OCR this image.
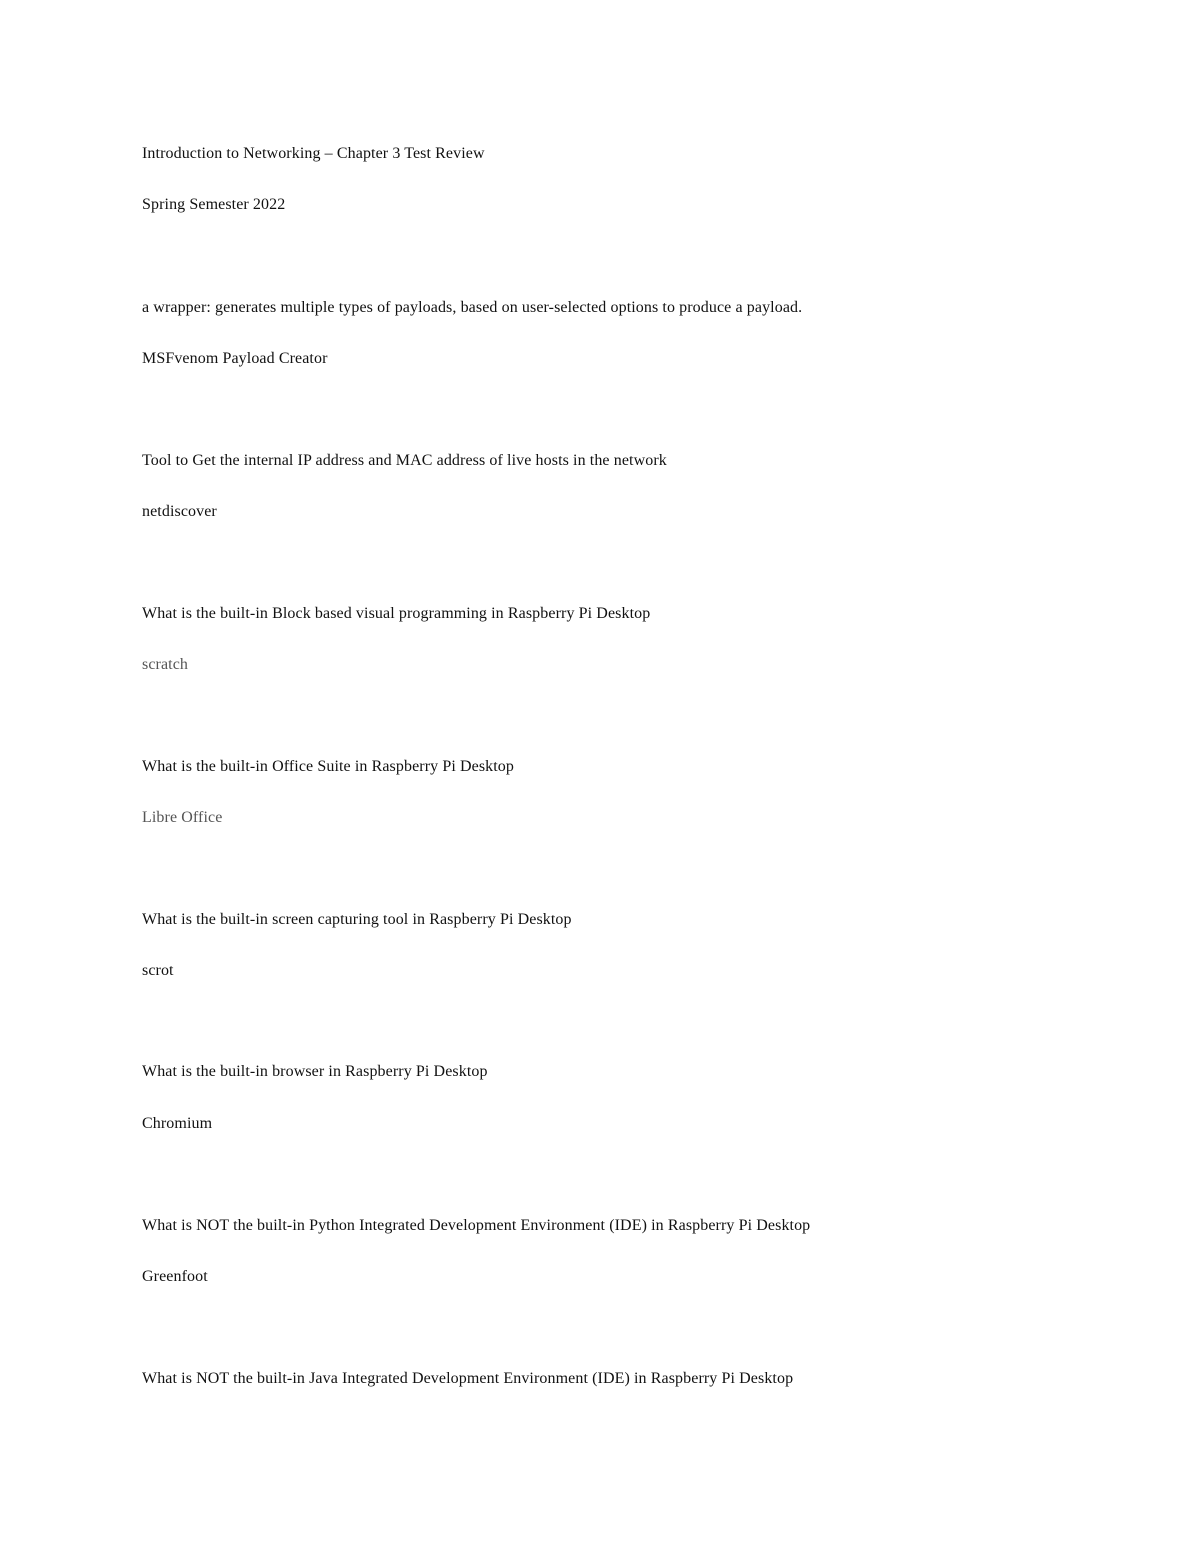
Introduction to Networking – Chapter 3 Test Review
Spring Semester 2022
a wrapper: generates multiple types of payloads, based on user-selected options to produce a payload.
MSFvenom Payload Creator
Tool to Get the internal IP address and MAC address of live hosts in the network
netdiscover
What is the built-in Block based visual programming in Raspberry Pi Desktop
scratch
What is the built-in Office Suite in Raspberry Pi Desktop
Libre Office
What is the built-in screen capturing tool in Raspberry Pi Desktop
scrot
What is the built-in browser in Raspberry Pi Desktop
Chromium
What is NOT the built-in Python Integrated Development Environment (IDE) in Raspberry Pi Desktop
Greenfoot
What is NOT the built-in Java Integrated Development Environment (IDE) in Raspberry Pi Desktop
